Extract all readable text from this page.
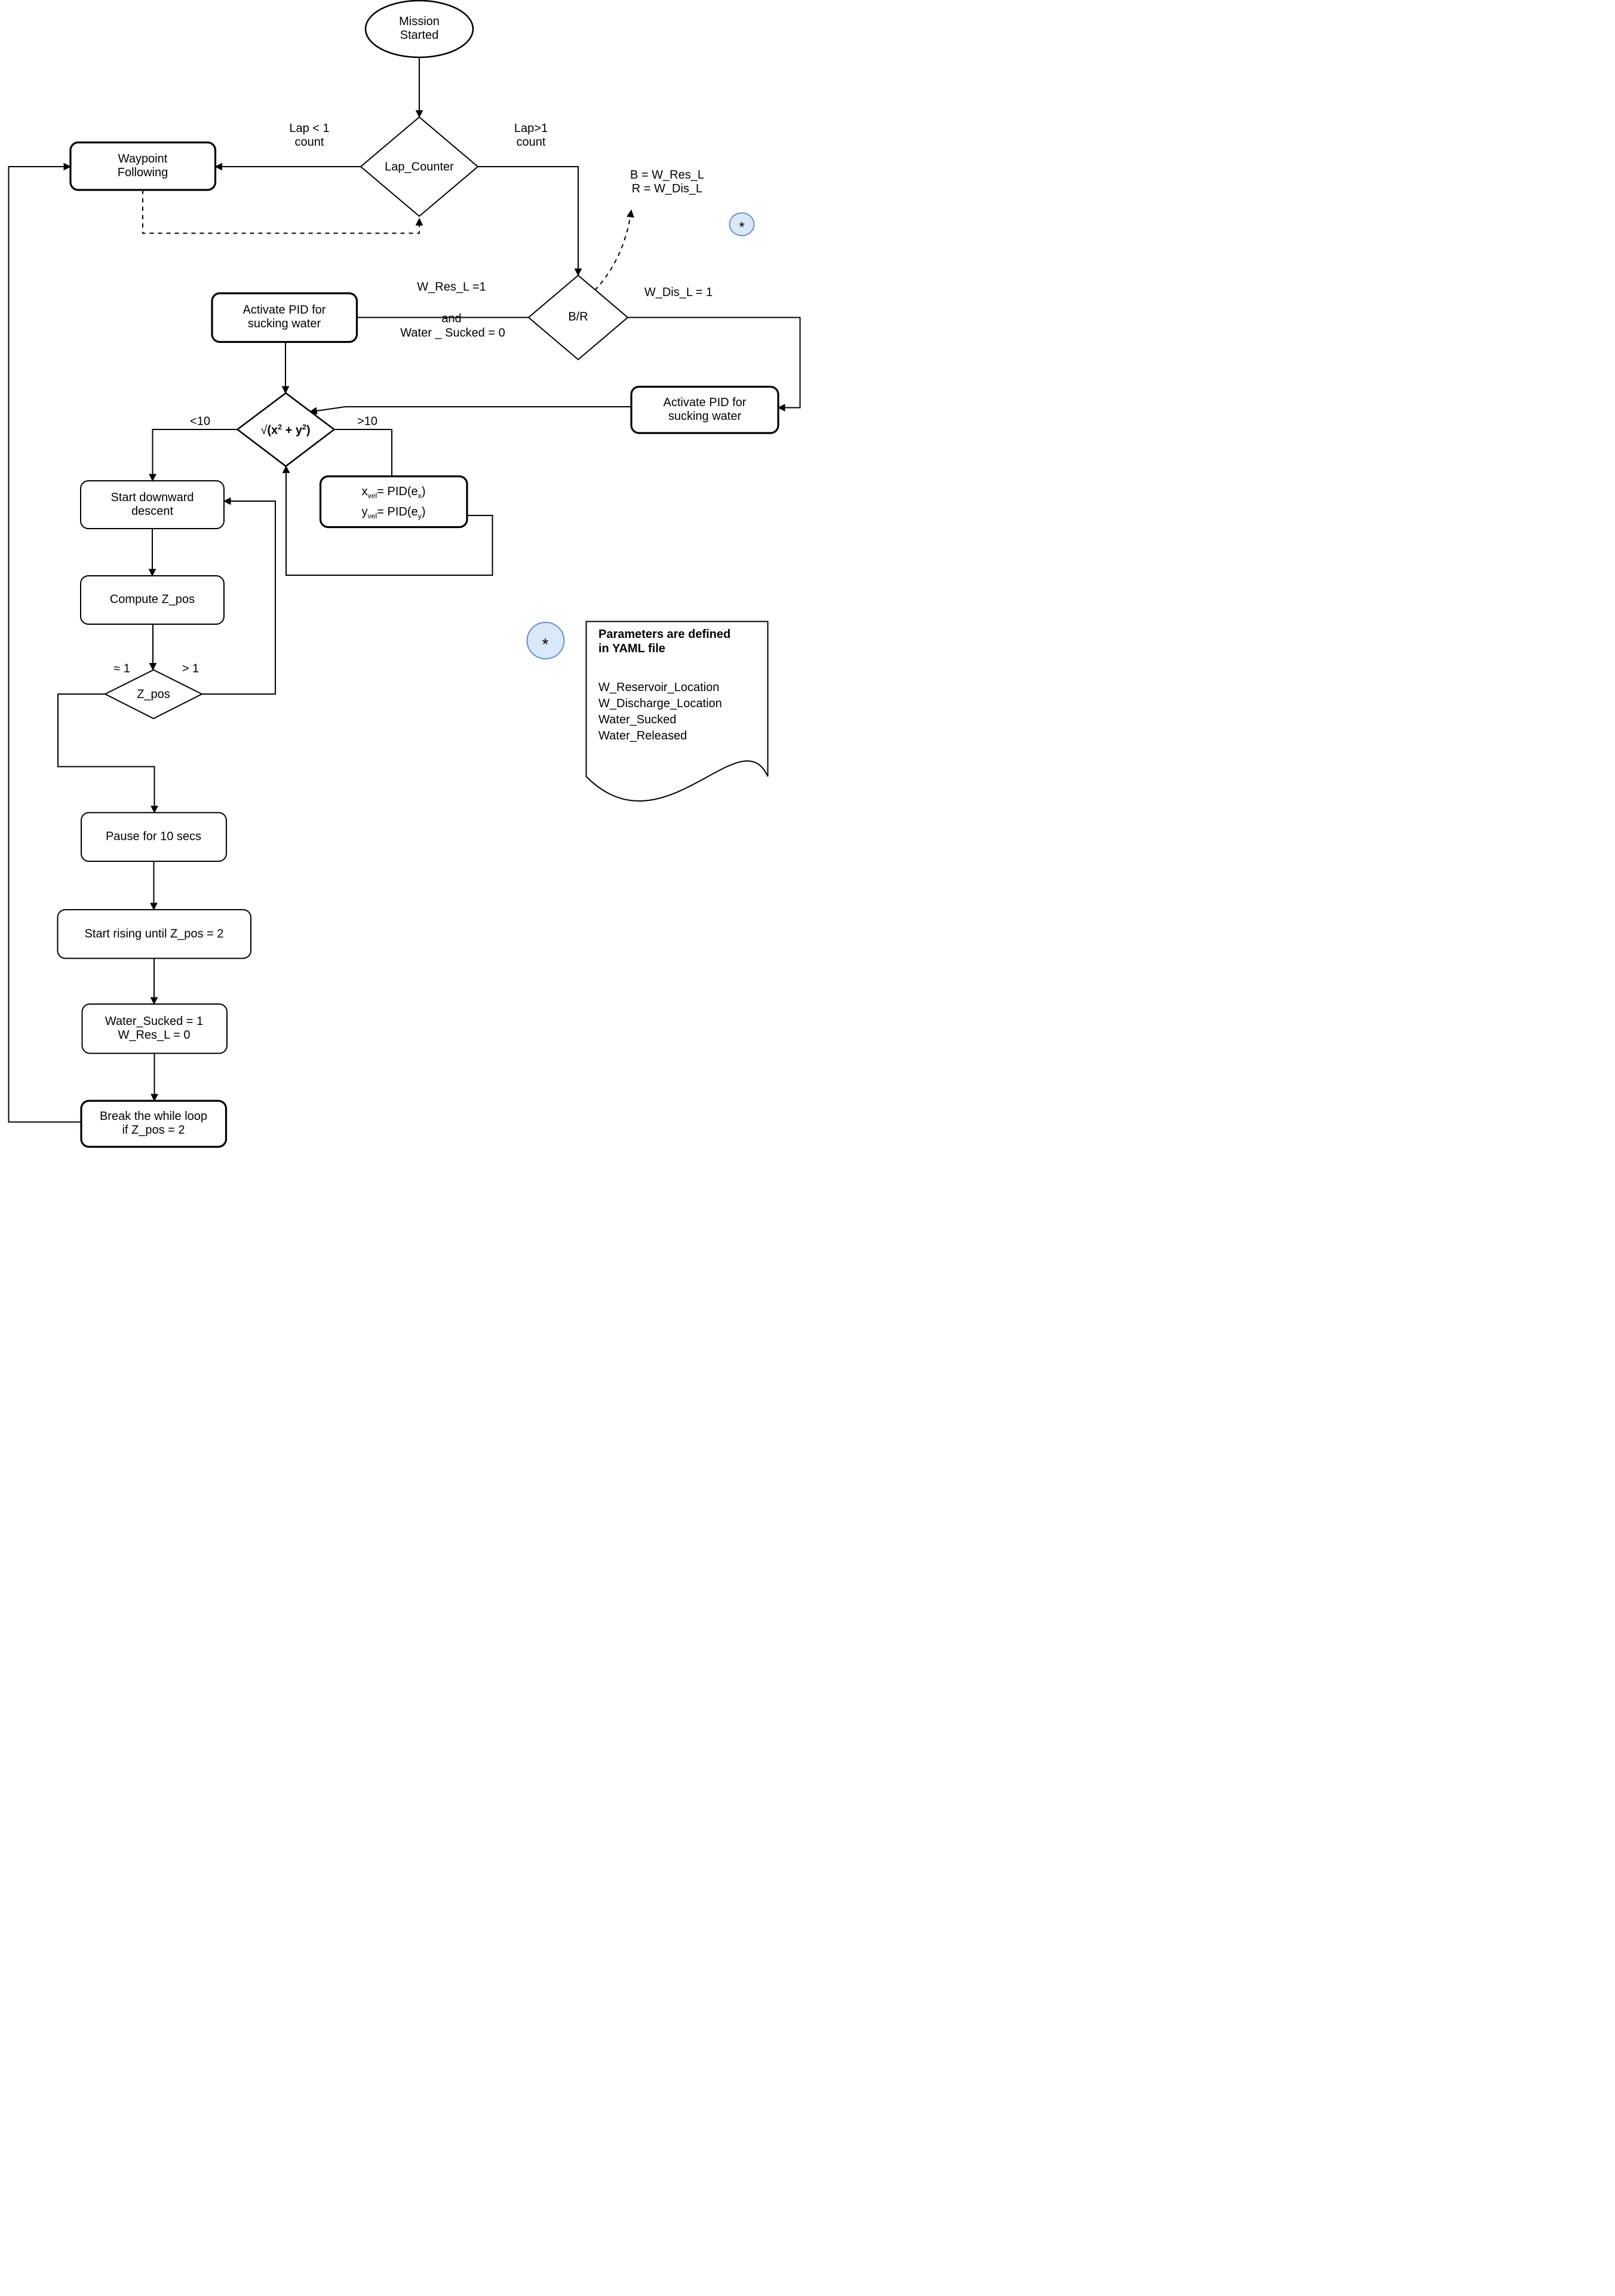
Mission
Started
Lap_Counter
Waypoint
Following
B/R
Activate PID for
sucking water
Activate PID for
sucking water
$√(x^2 + y^2)$
Start downward
descent
$x_{vel}= PID(e_x)$
$y_{vel}= PID(e_y)$
Compute Z_pos
Z_pos
Pause for 10 secs
Start rising until Z_pos = 2
Water_Sucked = 1
W_Res_L = 0
Break the while loop
if Z_pos = 2
Lap < 1
count
Lap>1
count
B = W_Res_L
R = W_Dis_L
W_Res_L =1
and
Water _ Sucked = 0
W_Dis_L = 1
<10	>10
≈ 1	> 1
*
*
Parameters are defined
in YAML file
W_Reservoir_Location
W_Discharge_Location
Water_Sucked
Water_Released
